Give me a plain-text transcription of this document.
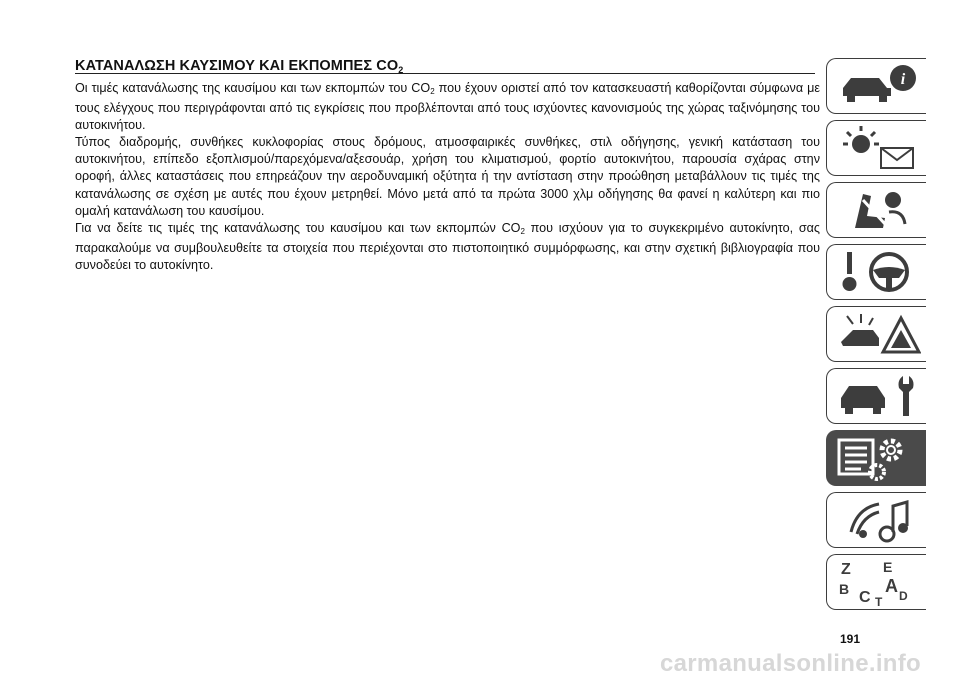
ΚΑΤΑΝΑΛΩΣΗ ΚΑΥΣΙΜΟΥ ΚΑΙ ΕΚΠΟΜΠΕΣ $CO_2$

Οι τιμές κατανάλωσης της καυσίμου και των εκπομπών του $CO_2$ που έχουν οριστεί από τον κατασκευαστή καθορίζονται σύμφωνα με τους ελέγχους που περιγράφονται από τις εγκρίσεις που προβλέπονται από τους ισχύοντες κανονισμούς της χώρας ταξινόμησης του αυτοκινήτου.

Τύπος διαδρομής, συνθήκες κυκλοφορίας στους δρόμους, ατμοσφαιρικές συνθήκες, στιλ οδήγησης, γενική κατάσταση του αυτοκινήτου, επίπεδο εξοπλισμού/παρεχόμενα/αξεσουάρ, χρήση του κλιματισμού, φορτίο αυτοκινήτου, παρουσία σχάρας στην οροφή, άλλες καταστάσεις που επηρεάζουν την αεροδυναμική οξύτητα ή την αντίσταση στην προώθηση μεταβάλλουν τις τιμές της κατανάλωσης σε σχέση με αυτές που έχουν μετρηθεί. Μόνο μετά από τα πρώτα 3000 χλμ οδήγησης θα φανεί η καλύτερη και πιο ομαλή κατανάλωση του καυσίμου.

Για να δείτε τις τιμές της κατανάλωσης του καυσίμου και των εκπομπών $CO_2$ που ισχύουν για το συγκεκριμένο αυτοκίνητο, σας παρακαλούμε να συμβουλευθείτε τα στοιχεία που περιέχονται στο πιστοποιητικό συμμόρφωσης, και στην σχετική βιβλιογραφία που συνοδεύει το αυτοκίνητο.

i
Z E
B A D
C T
191
carmanualsonline.info
